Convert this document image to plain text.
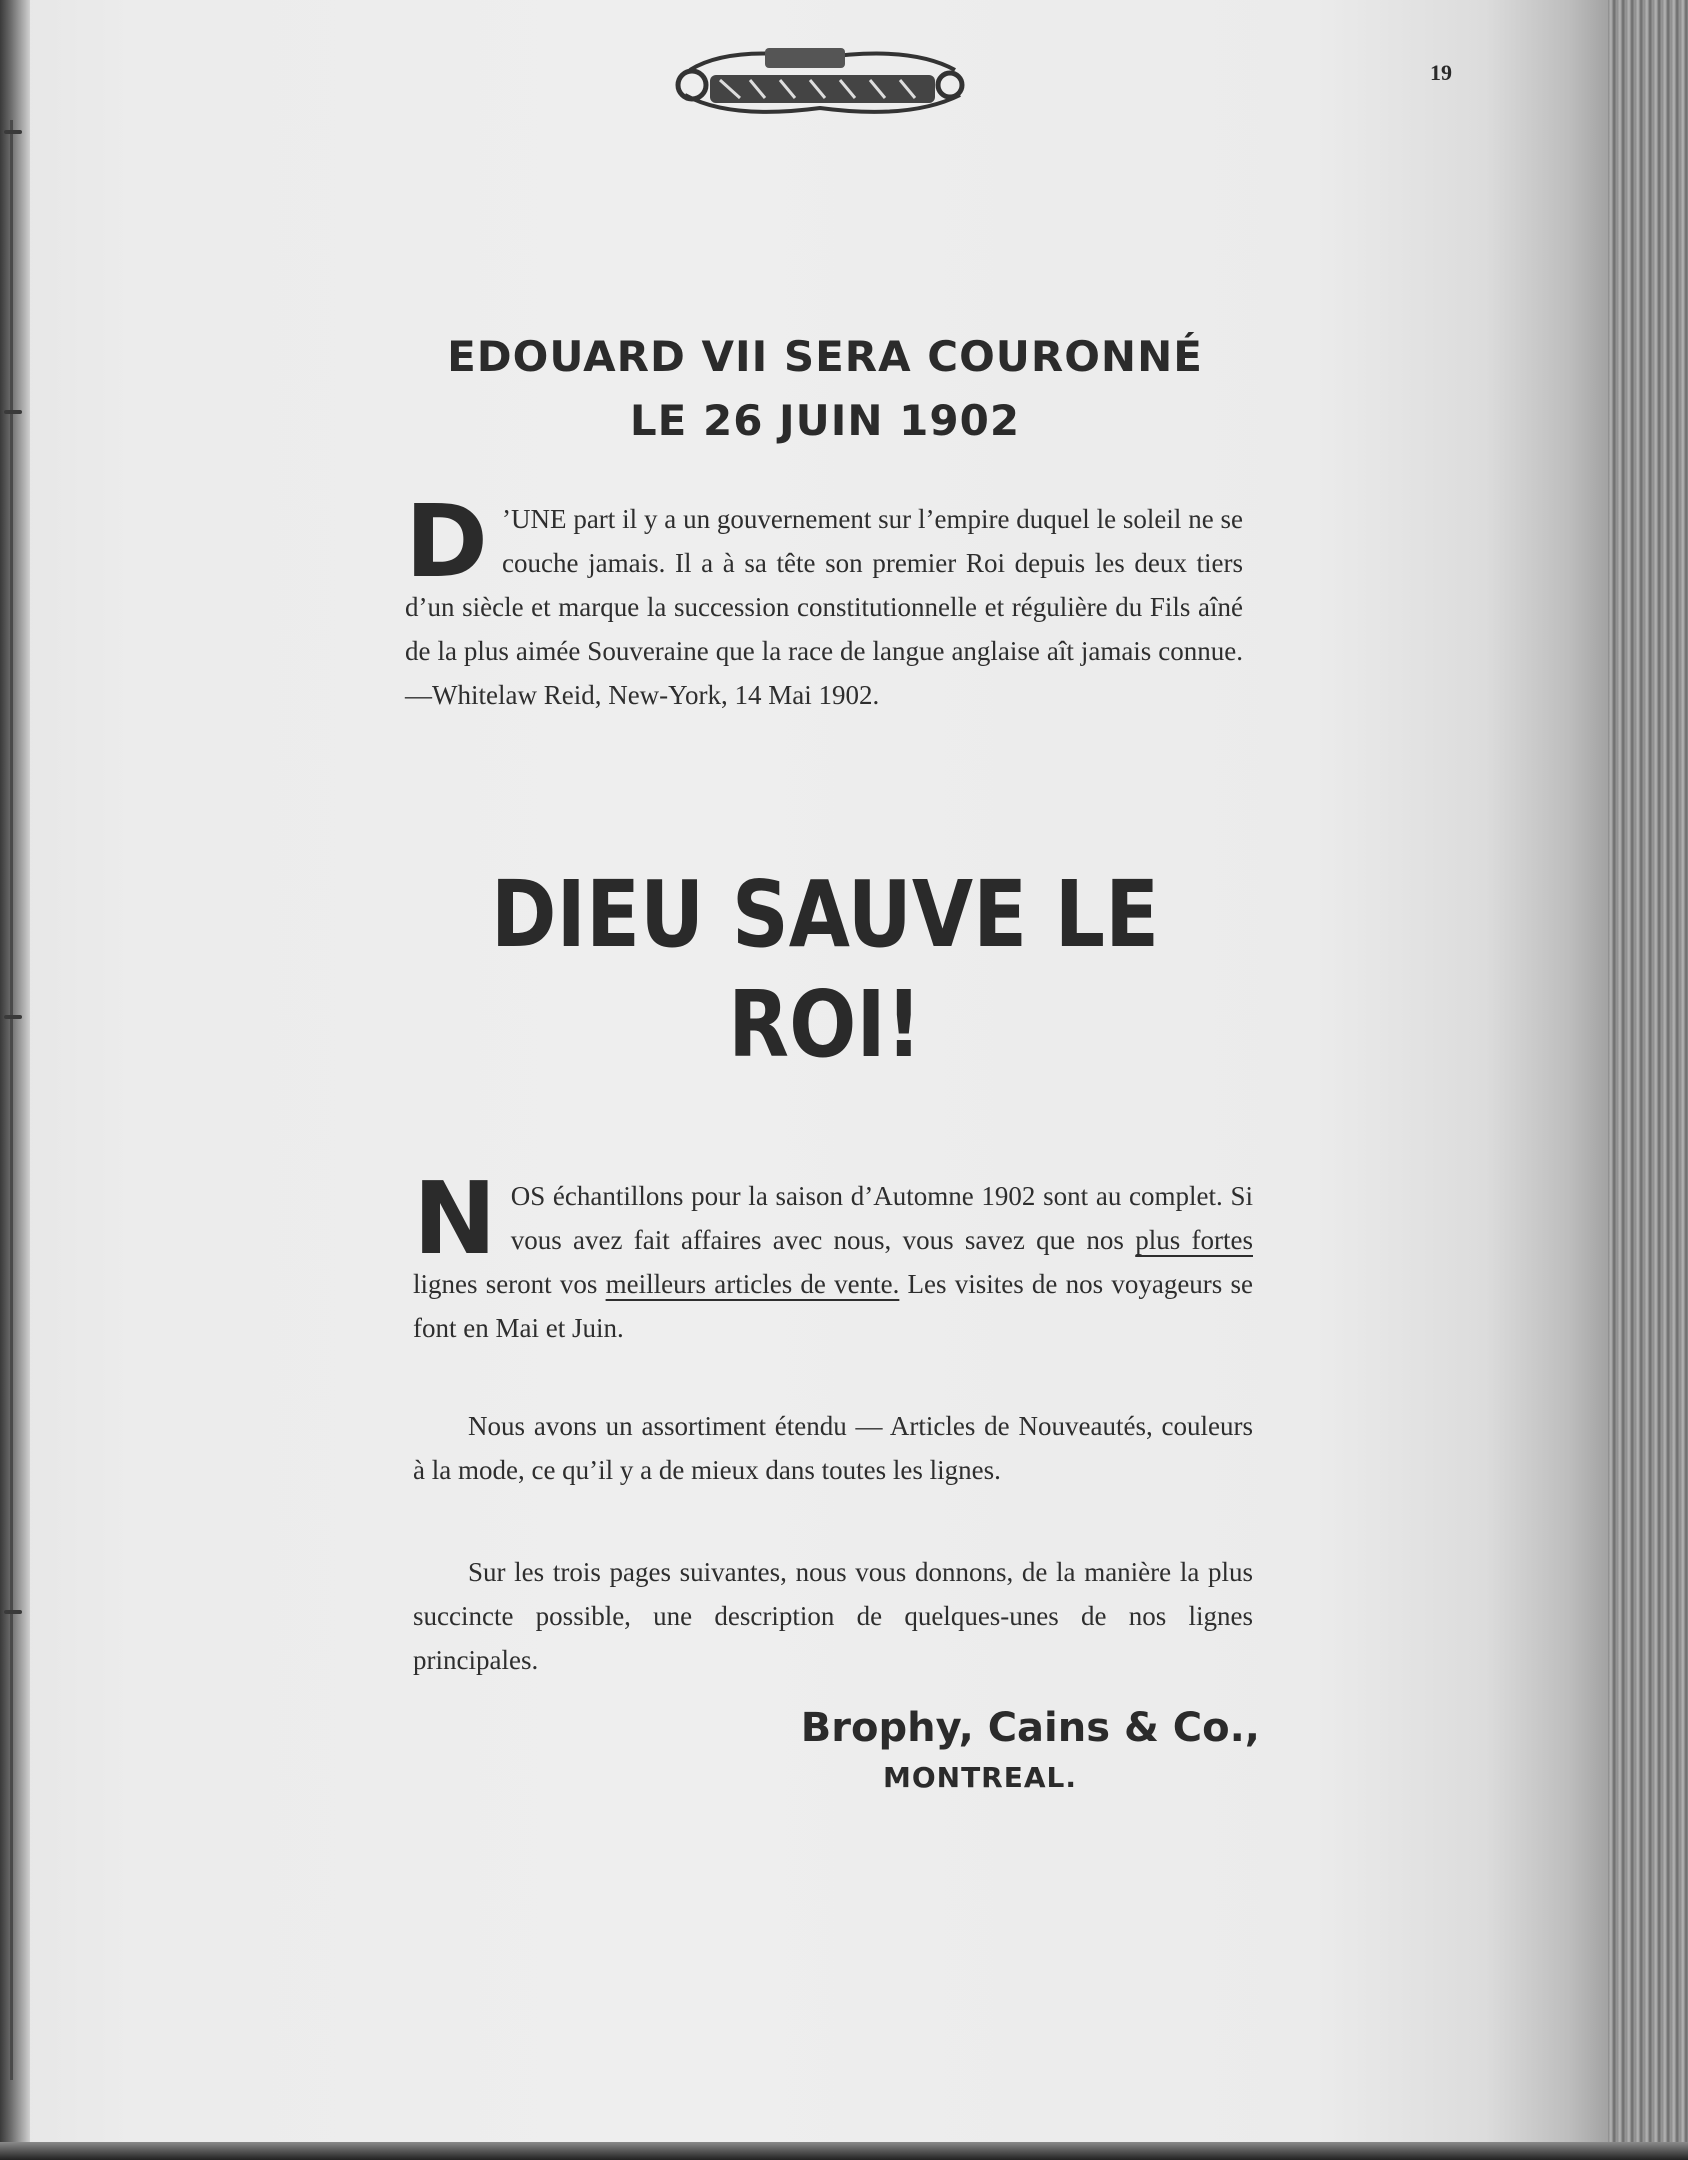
19
EDOUARD VII SERA COURONNÉ
LE 26 JUIN 1902
D ’UNE part il y a un gouvernement sur l’empire duquel le soleil ne se couche jamais. Il a à sa tête son premier Roi depuis les deux tiers d’un siècle et marque la succession constitutionnelle et régulière du Fils aîné de la plus aimée Souveraine que la race de langue anglaise aît jamais connue.—Whitelaw Reid, New-York, 14 Mai 1902.
DIEU SAUVE LE ROI!
NOS échantillons pour la saison d’Automne 1902 sont au complet. Si vous avez fait affaires avec nous, vous savez que nos plus fortes lignes seront vos meilleurs articles de vente. Les visites de nos voyageurs se font en Mai et Juin.
Nous avons un assortiment étendu — Articles de Nouveautés, couleurs à la mode, ce qu’il y a de mieux dans toutes les lignes.
Sur les trois pages suivantes, nous vous donnons, de la manière la plus succincte possible, une description de quelques-unes de nos lignes principales.
Brophy, Cains & Co.,
MONTREAL.
